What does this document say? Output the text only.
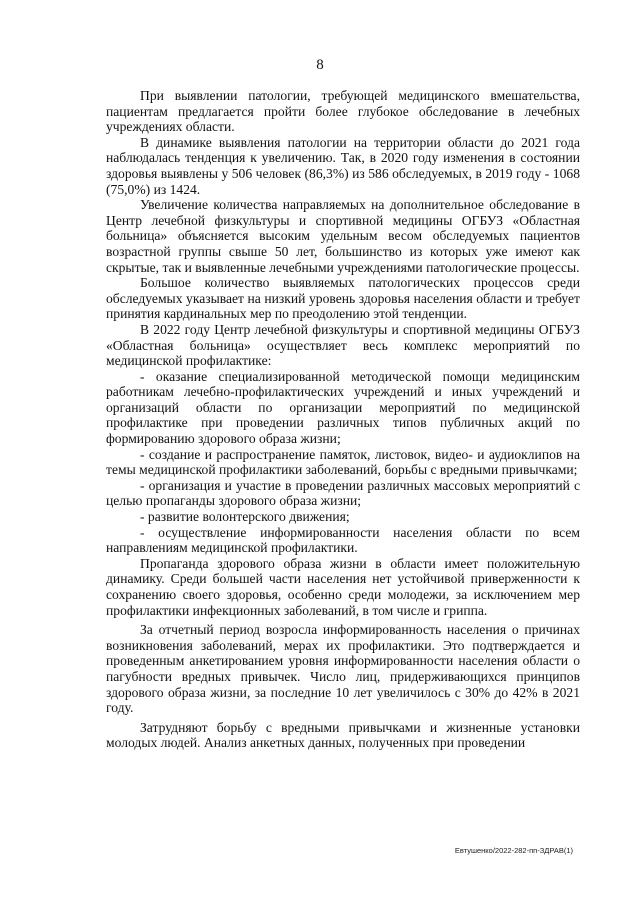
8

При выявлении патологии, требующей медицинского вмешательства, пациентам предлагается пройти более глубокое обследование в лечебных учреждениях области.

В динамике выявления патологии на территории области до 2021 года наблюдалась тенденция к увеличению. Так, в 2020 году изменения в состоянии здоровья выявлены у 506 человек (86,3%) из 586 обследуемых, в 2019 году - 1068 (75,0%) из 1424.

Увеличение количества направляемых на дополнительное обследование в Центр лечебной физкультуры и спортивной медицины ОГБУЗ «Областная больница» объясняется высоким удельным весом обследуемых пациентов возрастной группы свыше 50 лет, большинство из которых уже имеют как скрытые, так и выявленные лечебными учреждениями патологические процессы.

Большое количество выявляемых патологических процессов среди обследуемых указывает на низкий уровень здоровья населения области и требует принятия кардинальных мер по преодолению этой тенденции.

В 2022 году Центр лечебной физкультуры и спортивной медицины ОГБУЗ «Областная больница» осуществляет весь комплекс мероприятий по медицинской профилактике:

- оказание специализированной методической помощи медицинским работникам лечебно-профилактических учреждений и иных учреждений и организаций области по организации мероприятий по медицинской профилактике при проведении различных типов публичных акций по формированию здорового образа жизни;

- создание и распространение памяток, листовок, видео- и аудиоклипов на темы медицинской профилактики заболеваний, борьбы с вредными привычками;

- организация и участие в проведении различных массовых мероприятий с целью пропаганды здорового образа жизни;

- развитие волонтерского движения;

- осуществление информированности населения области по всем направлениям медицинской профилактики.

Пропаганда здорового образа жизни в области имеет положительную динамику. Среди большей части населения нет устойчивой приверженности к сохранению своего здоровья, особенно среди молодежи, за исключением мер профилактики инфекционных заболеваний, в том числе и гриппа.

За отчетный период возросла информированность населения о причинах возникновения заболеваний, мерах их профилактики. Это подтверждается и проведенным анкетированием уровня информированности населения области о пагубности вредных привычек. Число лиц, придерживающихся принципов здорового образа жизни, за последние 10 лет увеличилось с 30% до 42% в 2021 году.

Затрудняют борьбу с вредными привычками и жизненные установки молодых людей. Анализ анкетных данных, полученных при проведении

Евтушенко/2022-282-пп-ЗДРАВ(1)
